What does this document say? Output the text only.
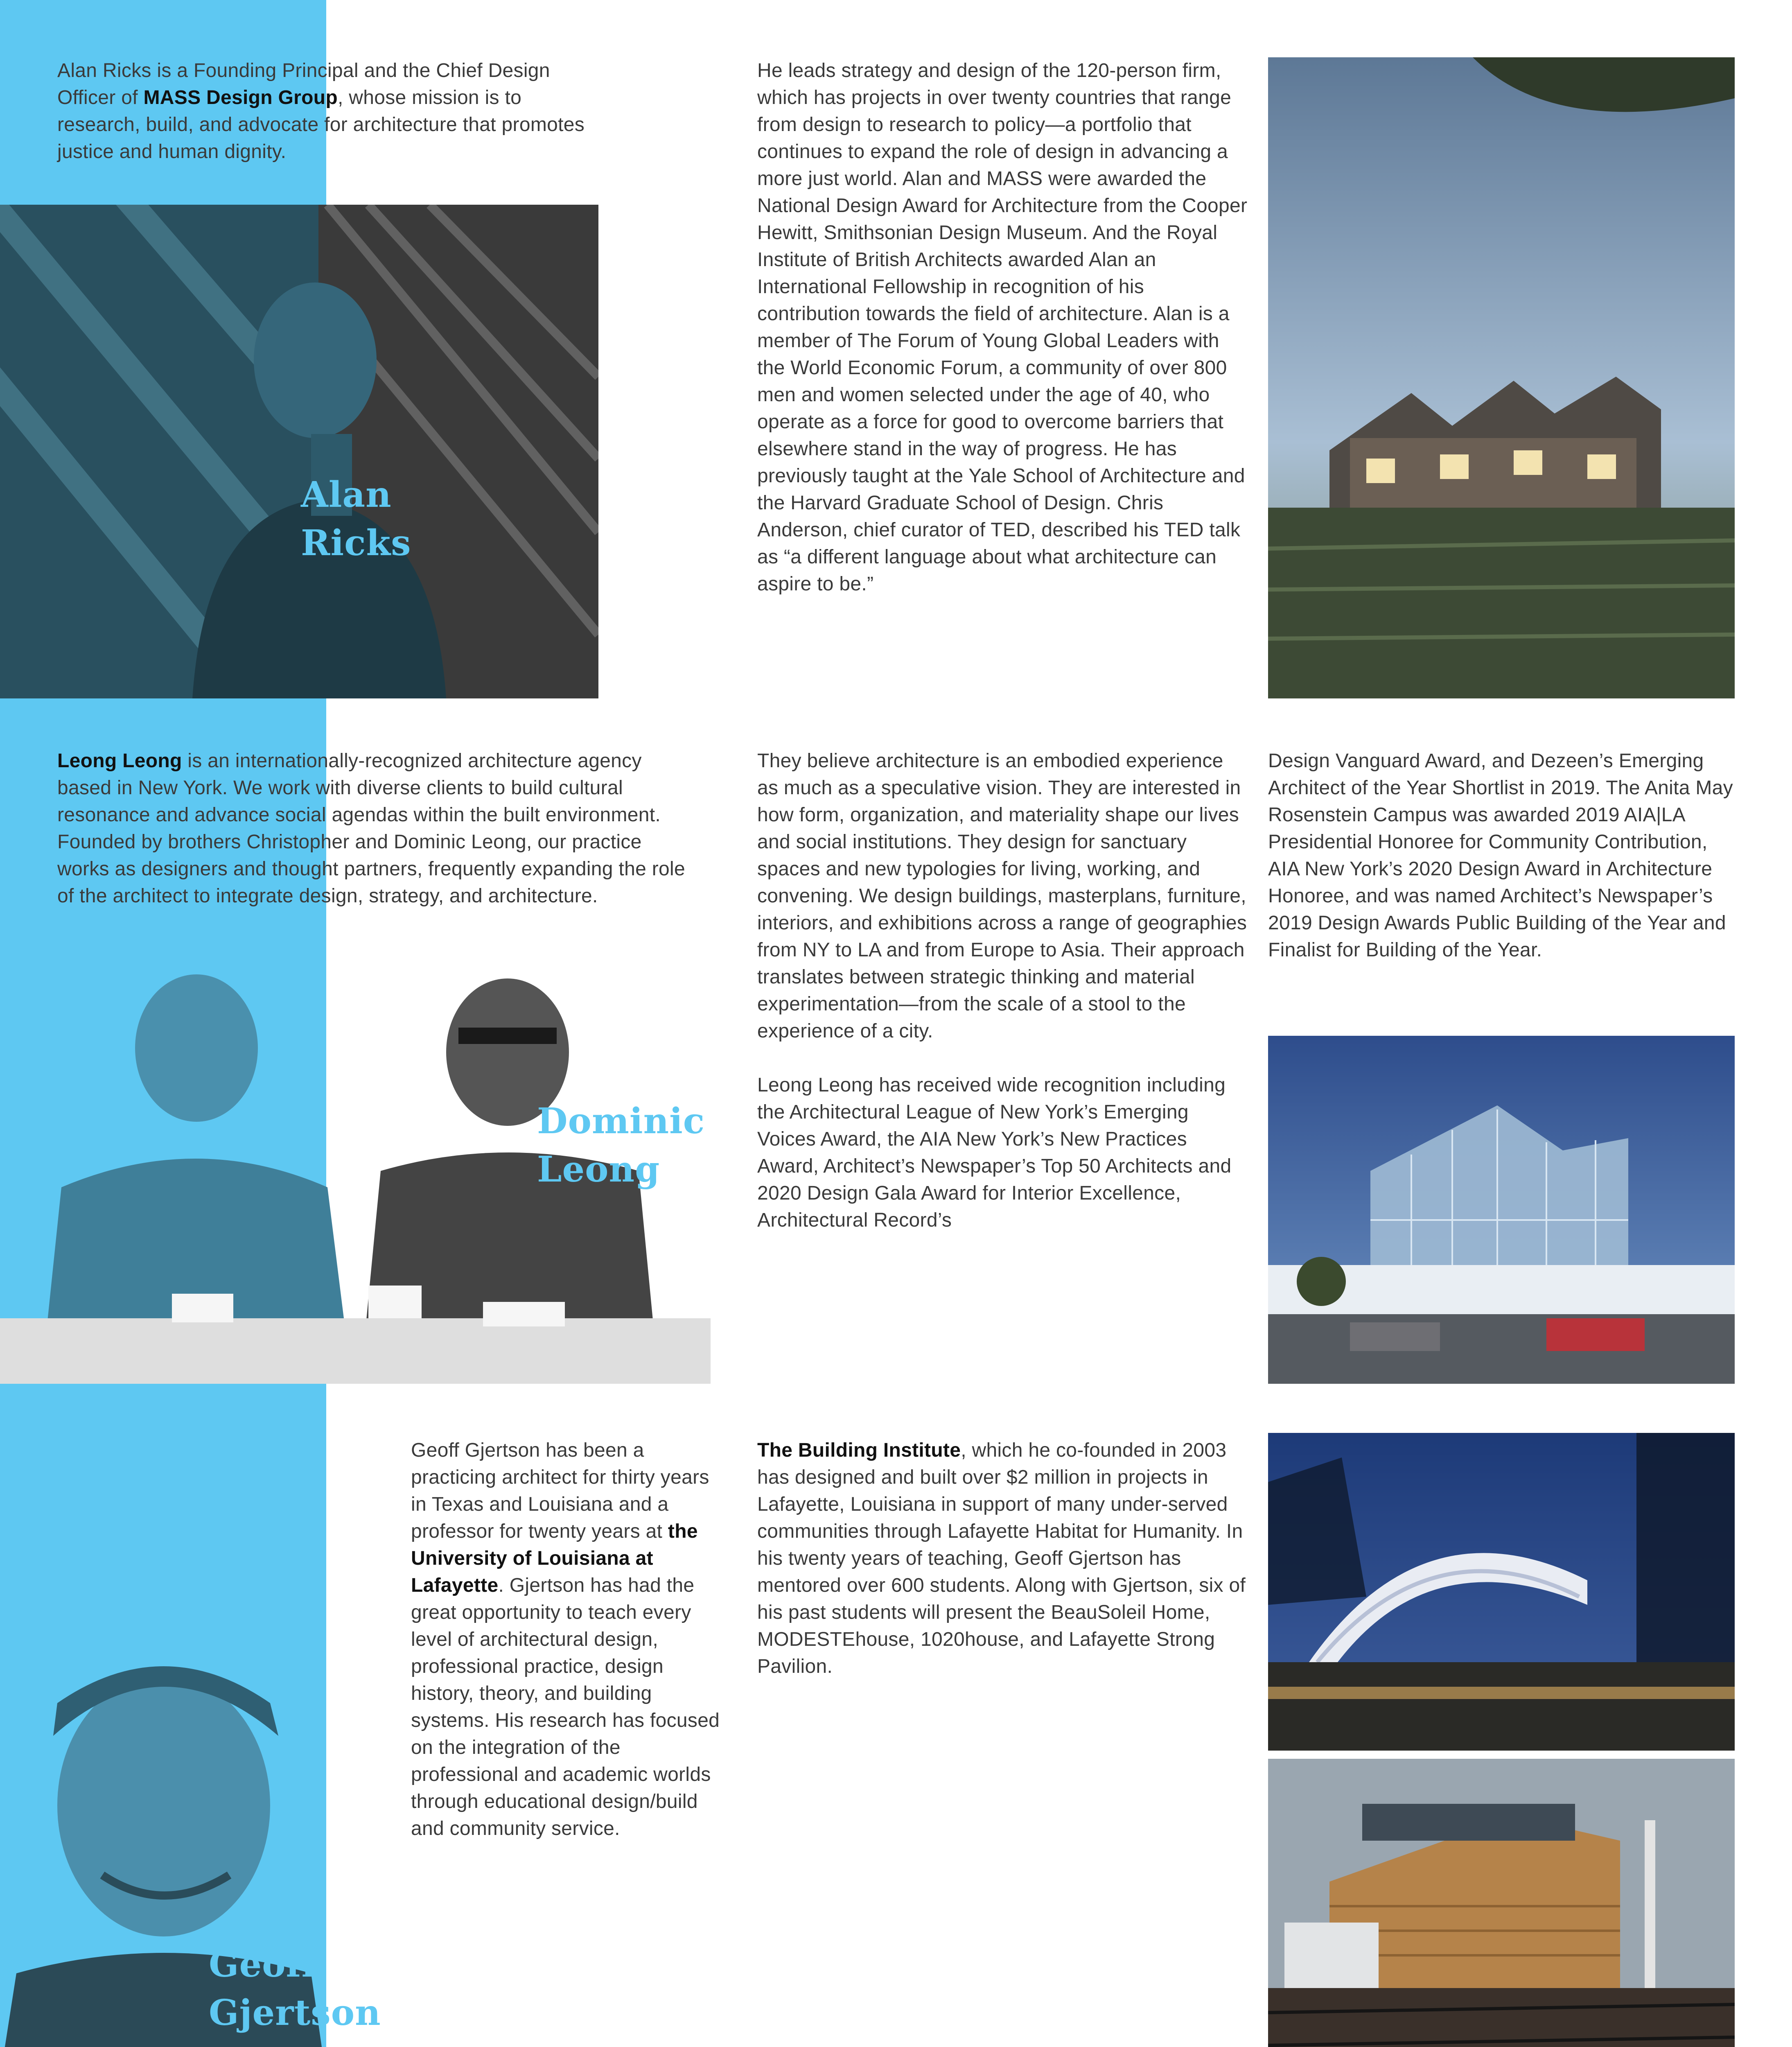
Alan Ricks is a Founding Principal and the Chief Design Officer of MASS Design Group, whose mission is to research, build, and advocate for architecture that promotes justice and human dignity.
Alan
Ricks
He leads strategy and design of the 120-person firm, which has projects in over twenty countries that range from design to research to policy—a portfolio that continues to expand the role of design in advancing a more just world. Alan and MASS were awarded the National Design Award for Architecture from the Cooper Hewitt, Smithsonian Design Museum. And the Royal Institute of British Architects awarded Alan an International Fellowship in recognition of his contribution towards the field of architecture. Alan is a member of The Forum of Young Global Leaders with the World Economic Forum, a community of over 800 men and women selected under the age of 40, who operate as a force for good to overcome barriers that elsewhere stand in the way of progress. He has previously taught at the Yale School of Architecture and the Harvard Graduate School of Design. Chris Anderson, chief curator of TED, described his TED talk as “a different language about what architecture can aspire to be.”
Leong Leong is an internationally-recognized architecture agency based in New York. We work with diverse clients to build cultural resonance and advance social agendas within the built environment. Founded by brothers Christopher and Dominic Leong, our practice works as designers and thought partners, frequently expanding the role of the architect to integrate design, strategy, and architecture.
Dominic
Leong
They believe architecture is an embodied experience as much as a speculative vision. They are interested in how form, organization, and materiality shape our lives and social institutions. They design for sanctuary spaces and new typologies for living, working, and convening. We design buildings, masterplans, furniture, interiors, and exhibitions across a range of geographies from NY to LA and from Europe to Asia. Their approach translates between strategic thinking and material experimentation—from the scale of a stool to the experience of a city.
Leong Leong has received wide recognition including the Architectural League of New York’s Emerging Voices Award, the AIA New York’s New Practices Award, Architect’s Newspaper’s Top 50 Architects and 2020 Design Gala Award for Interior Excellence, Architectural Record’s
Design Vanguard Award, and Dezeen’s Emerging Architect of the Year Shortlist in 2019. The Anita May Rosenstein Campus was awarded 2019 AIA|LA Presidential Honoree for Community Contribution, AIA New York’s 2020 Design Award in Architecture Honoree, and was named Architect’s Newspaper’s 2019 Design Awards Public Building of the Year and Finalist for Building of the Year.
Geoff Gjertson has been a practicing architect for thirty years in Texas and Louisiana and a professor for twenty years at the University of Louisiana at Lafayette. Gjertson has had the great opportunity to teach every level of architectural design, professional practice, design history, theory, and building systems. His research has focused on the integration of the professional and academic worlds through educational design/build and community service.
The Building Institute, which he co-founded in 2003 has designed and built over $2 million in projects in Lafayette, Louisiana in support of many under-served communities through Lafayette Habitat for Humanity. In his twenty years of teaching, Geoff Gjertson has mentored over 600 students. Along with Gjertson, six of his past students will present the BeauSoleil Home, MODESTEhouse, 1020house, and Lafayette Strong Pavilion.
Geoff
Gjertson
